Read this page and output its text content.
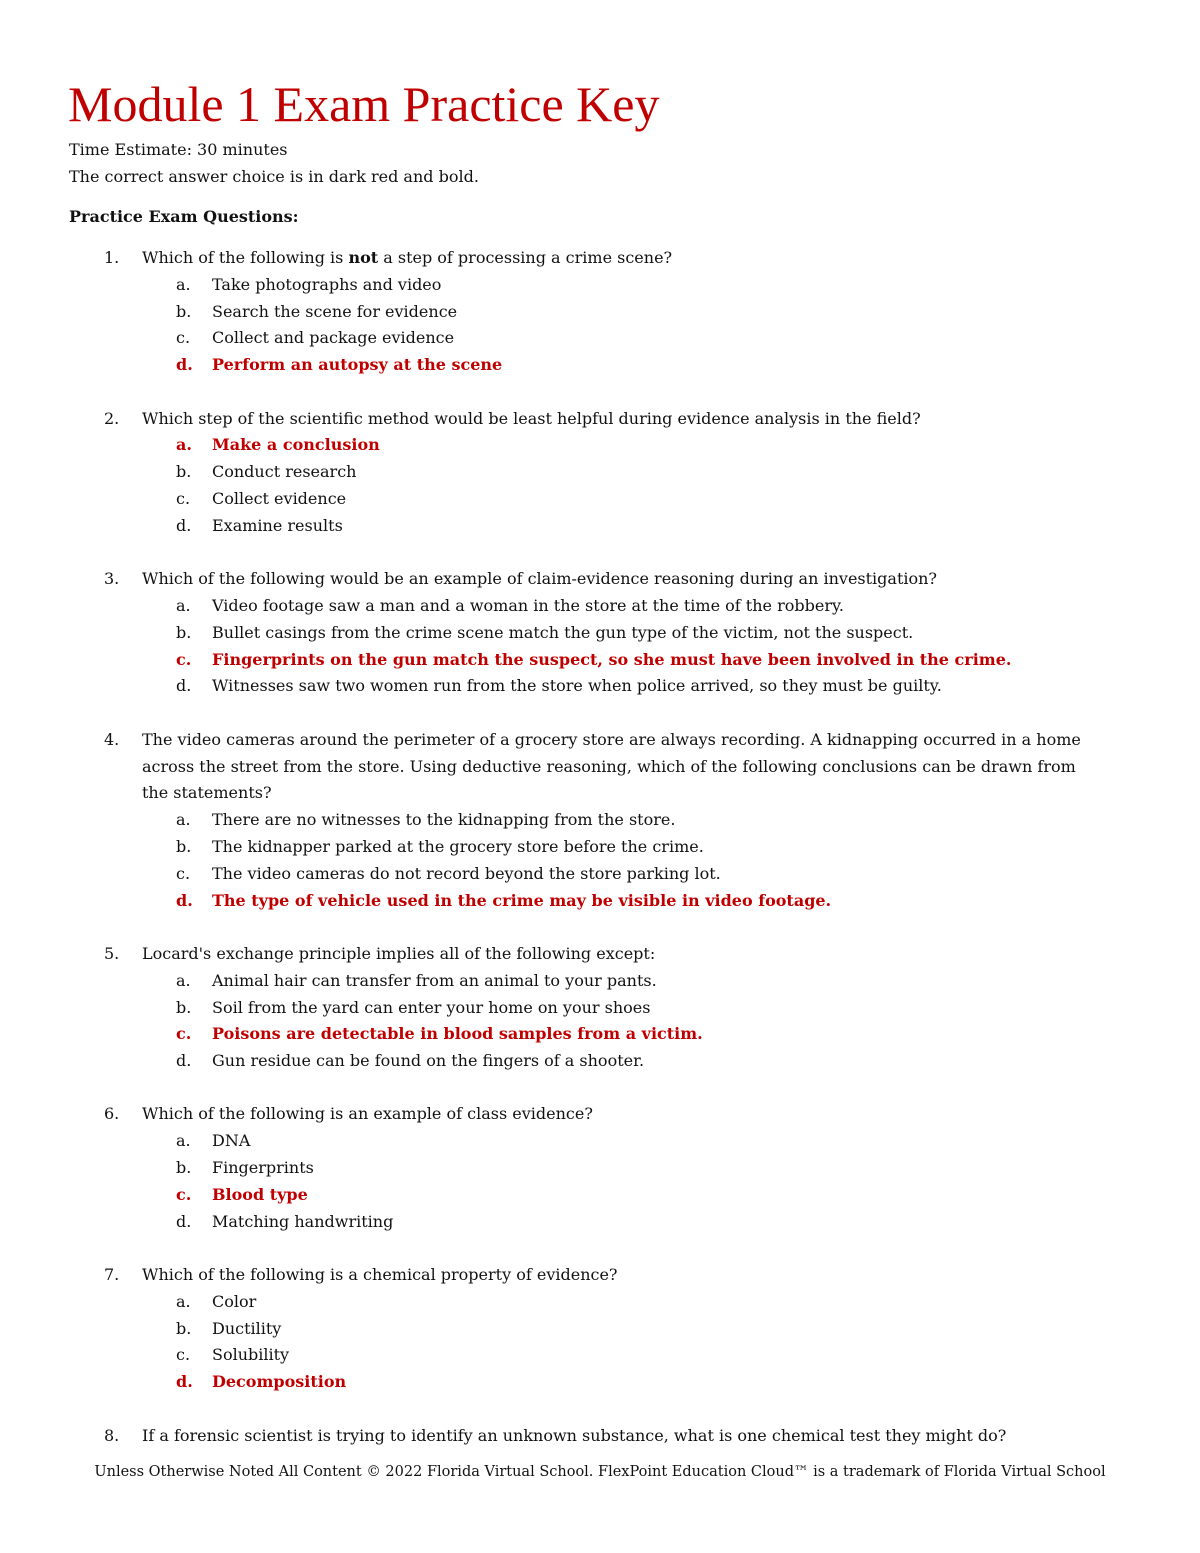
Module 1 Exam Practice Key
Time Estimate: 30 minutes
The correct answer choice is in dark red and bold.
Practice Exam Questions:
1.	Which of the following is not a step of processing a crime scene?

a. Take photographs and video
b. Search the scene for evidence
c. Collect and package evidence
d. Perform an autopsy at the scene
2.	Which step of the scientific method would be least helpful during evidence analysis in the field?

a. Make a conclusion
b. Conduct research
c. Collect evidence
d. Examine results
3.	Which of the following would be an example of claim-evidence reasoning during an investigation?

a. Video footage saw a man and a woman in the store at the time of the robbery.
b. Bullet casings from the crime scene match the gun type of the victim, not the suspect.
c. Fingerprints on the gun match the suspect, so she must have been involved in the crime.
d. Witnesses saw two women run from the store when police arrived, so they must be guilty.
4.	The video cameras around the perimeter of a grocery store are always recording. A kidnapping occurred in a home across the street from the store. Using deductive reasoning, which of the following conclusions can be drawn from the statements?

a. There are no witnesses to the kidnapping from the store.
b. The kidnapper parked at the grocery store before the crime.
c. The video cameras do not record beyond the store parking lot.
d. The type of vehicle used in the crime may be visible in video footage.
5.	Locard's exchange principle implies all of the following except:

a. Animal hair can transfer from an animal to your pants.
b. Soil from the yard can enter your home on your shoes
c. Poisons are detectable in blood samples from a victim.
d. Gun residue can be found on the fingers of a shooter.
6.	Which of the following is an example of class evidence?

a. DNA
b. Fingerprints
c. Blood type
d. Matching handwriting
7.	Which of the following is a chemical property of evidence?

a. Color
b. Ductility
c. Solubility
d. Decomposition
8.	If a forensic scientist is trying to identify an unknown substance, what is one chemical test they might do?

Unless Otherwise Noted All Content © 2022 Florida Virtual School. FlexPoint Education Cloud™ is a trademark of Florida Virtual School
